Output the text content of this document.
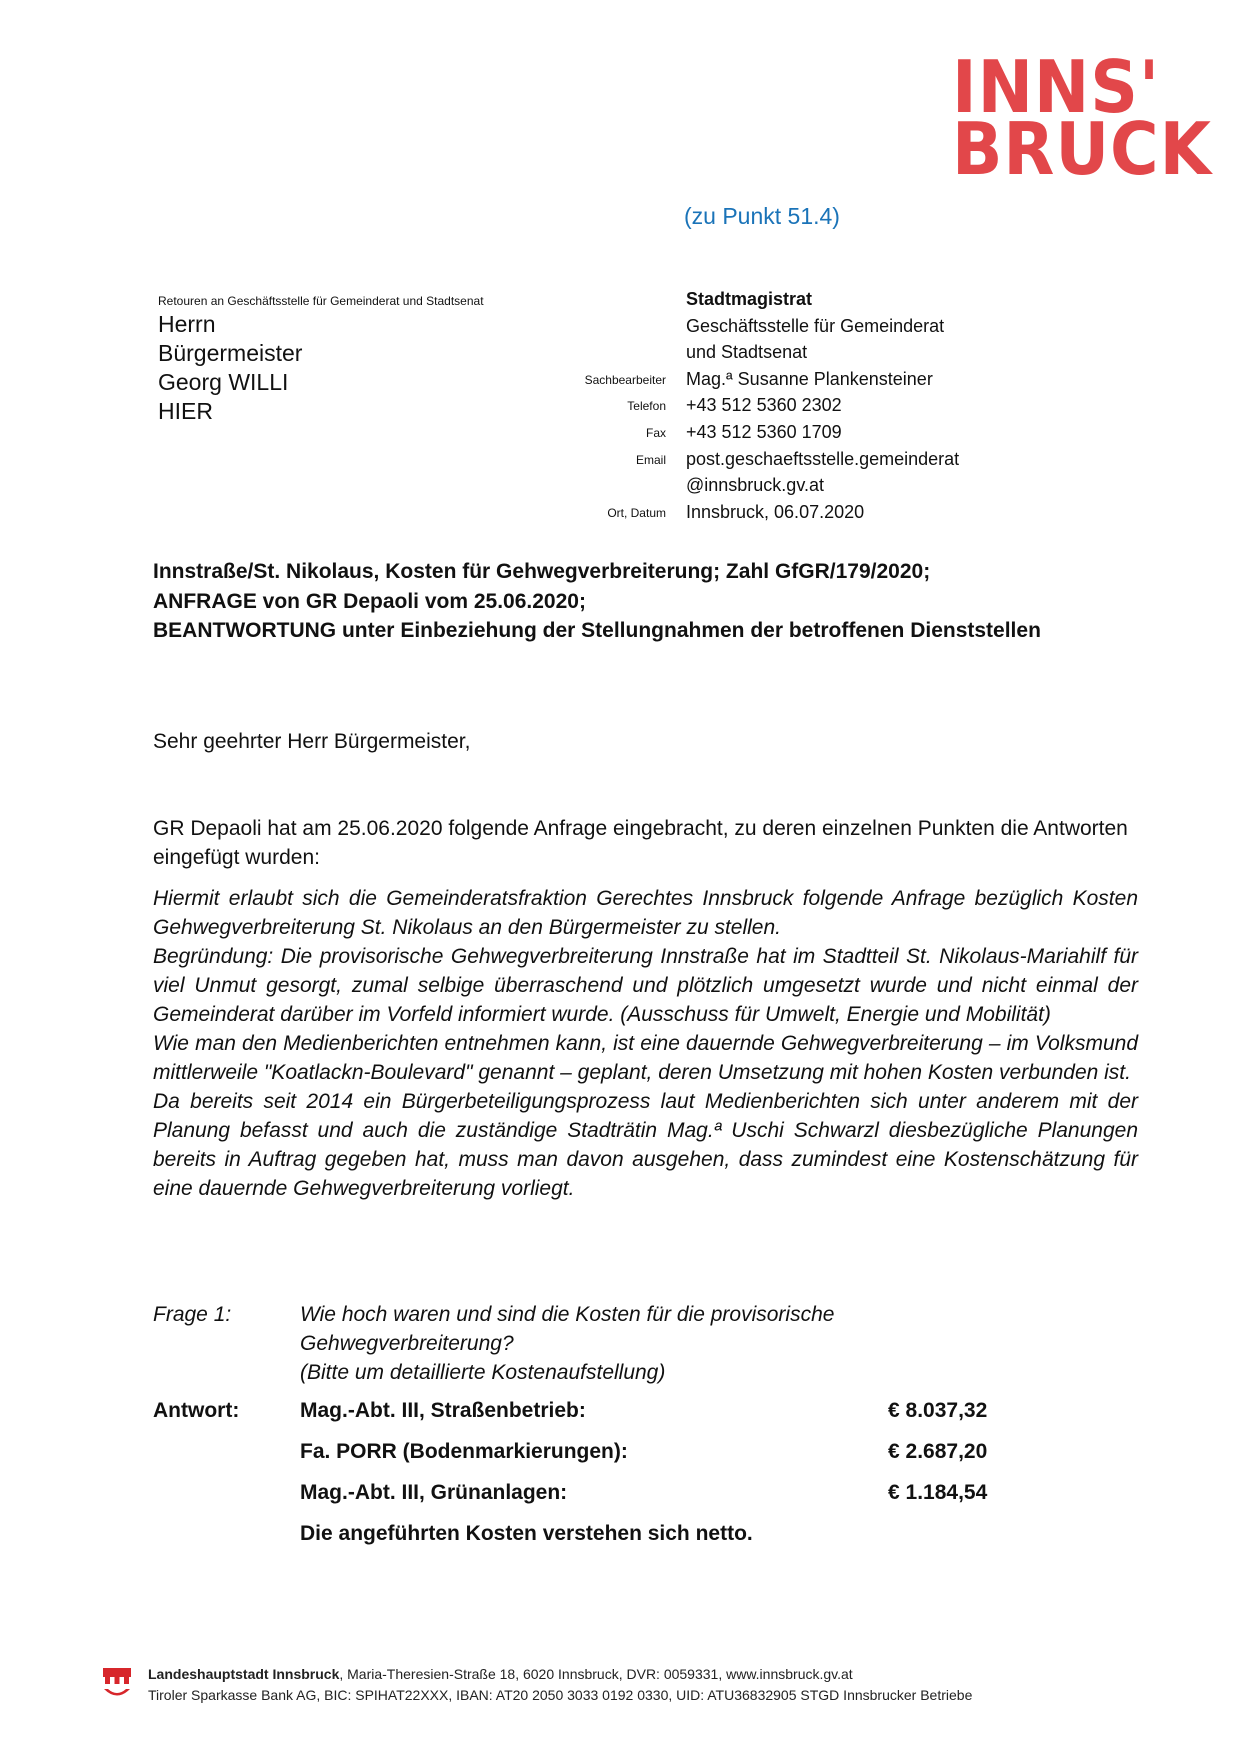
INNS'
BRUCK
(zu Punkt 51.4)
Retouren an Geschäftsstelle für Gemeinderat und Stadtsenat
Herrn
Bürgermeister
Georg WILLI
HIER
Stadtmagistrat
Geschäftsstelle für Gemeinderat
und Stadtsenat
Sachbearbeiter	Mag.ª Susanne Plankensteiner
Telefon	+43 512 5360 2302
Fax	+43 512 5360 1709
Email	post.geschaeftsstelle.gemeinderat
@innsbruck.gv.at
Ort, Datum	Innsbruck, 06.07.2020
Innstraße/St. Nikolaus, Kosten für Gehwegverbreiterung; Zahl GfGR/179/2020;
ANFRAGE von GR Depaoli vom 25.06.2020;
BEANTWORTUNG unter Einbeziehung der Stellungnahmen der betroffenen Dienststellen
Sehr geehrter Herr Bürgermeister,
GR Depaoli hat am 25.06.2020 folgende Anfrage eingebracht, zu deren einzelnen Punkten die Antworten eingefügt wurden:

Hiermit erlaubt sich die Gemeinderatsfraktion Gerechtes Innsbruck folgende Anfrage bezüglich Kosten Gehwegverbreiterung St. Nikolaus an den Bürgermeister zu stellen.

Begründung: Die provisorische Gehwegverbreiterung Innstraße hat im Stadtteil St. Nikolaus-Mariahilf für viel Unmut gesorgt, zumal selbige überraschend und plötzlich umgesetzt wurde und nicht einmal der Gemeinderat darüber im Vorfeld informiert wurde. (Ausschuss für Umwelt, Energie und Mobilität)

Wie man den Medienberichten entnehmen kann, ist eine dauernde Gehwegverbreiterung – im Volksmund mittlerweile "Koatlackn-Boulevard" genannt – geplant, deren Umsetzung mit hohen Kosten verbunden ist.

Da bereits seit 2014 ein Bürgerbeteiligungsprozess laut Medienberichten sich unter anderem mit der Planung befasst und auch die zuständige Stadträtin Mag.ª Uschi Schwarzl diesbezügliche Planungen bereits in Auftrag gegeben hat, muss man davon ausgehen, dass zumindest eine Kostenschätzung für eine dauernde Gehwegverbreiterung vorliegt.

Frage 1:	Wie hoch waren und sind die Kosten für die provisorische Gehwegverbreiterung?
(Bitte um detaillierte Kostenaufstellung)
Antwort:	Mag.-Abt. III, Straßenbetrieb:	€ 8.037,32
Fa. PORR (Bodenmarkierungen):	€ 2.687,20
Mag.-Abt. III, Grünanlagen:	€ 1.184,54
Die angeführten Kosten verstehen sich netto.
Landeshauptstadt Innsbruck, Maria-Theresien-Straße 18, 6020 Innsbruck, DVR: 0059331, www.innsbruck.gv.at
Tiroler Sparkasse Bank AG, BIC: SPIHAT22XXX, IBAN: AT20 2050 3033 0192 0330, UID: ATU36832905 STGD Innsbrucker Betriebe
